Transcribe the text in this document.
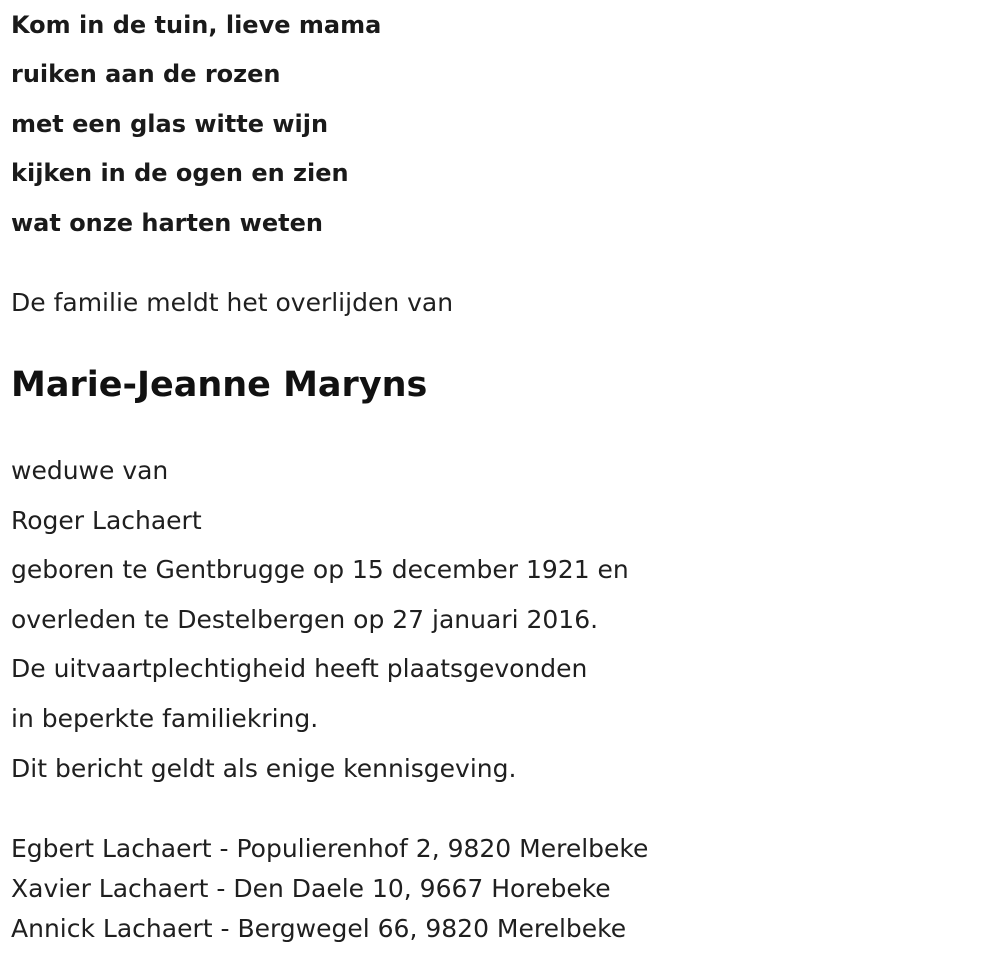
Kom in de tuin, lieve mama
ruiken aan de rozen
met een glas witte wijn
kijken in de ogen en zien
wat onze harten weten
De familie meldt het overlijden van
Marie-Jeanne Maryns
weduwe van
Roger Lachaert
geboren te Gentbrugge op 15 december 1921 en
overleden te Destelbergen op 27 januari 2016.
De uitvaartplechtigheid heeft plaatsgevonden
in beperkte familiekring.
Dit bericht geldt als enige kennisgeving.
Egbert Lachaert - Populierenhof 2, 9820 Merelbeke
Xavier Lachaert - Den Daele 10, 9667 Horebeke
Annick Lachaert - Bergwegel 66, 9820 Merelbeke
